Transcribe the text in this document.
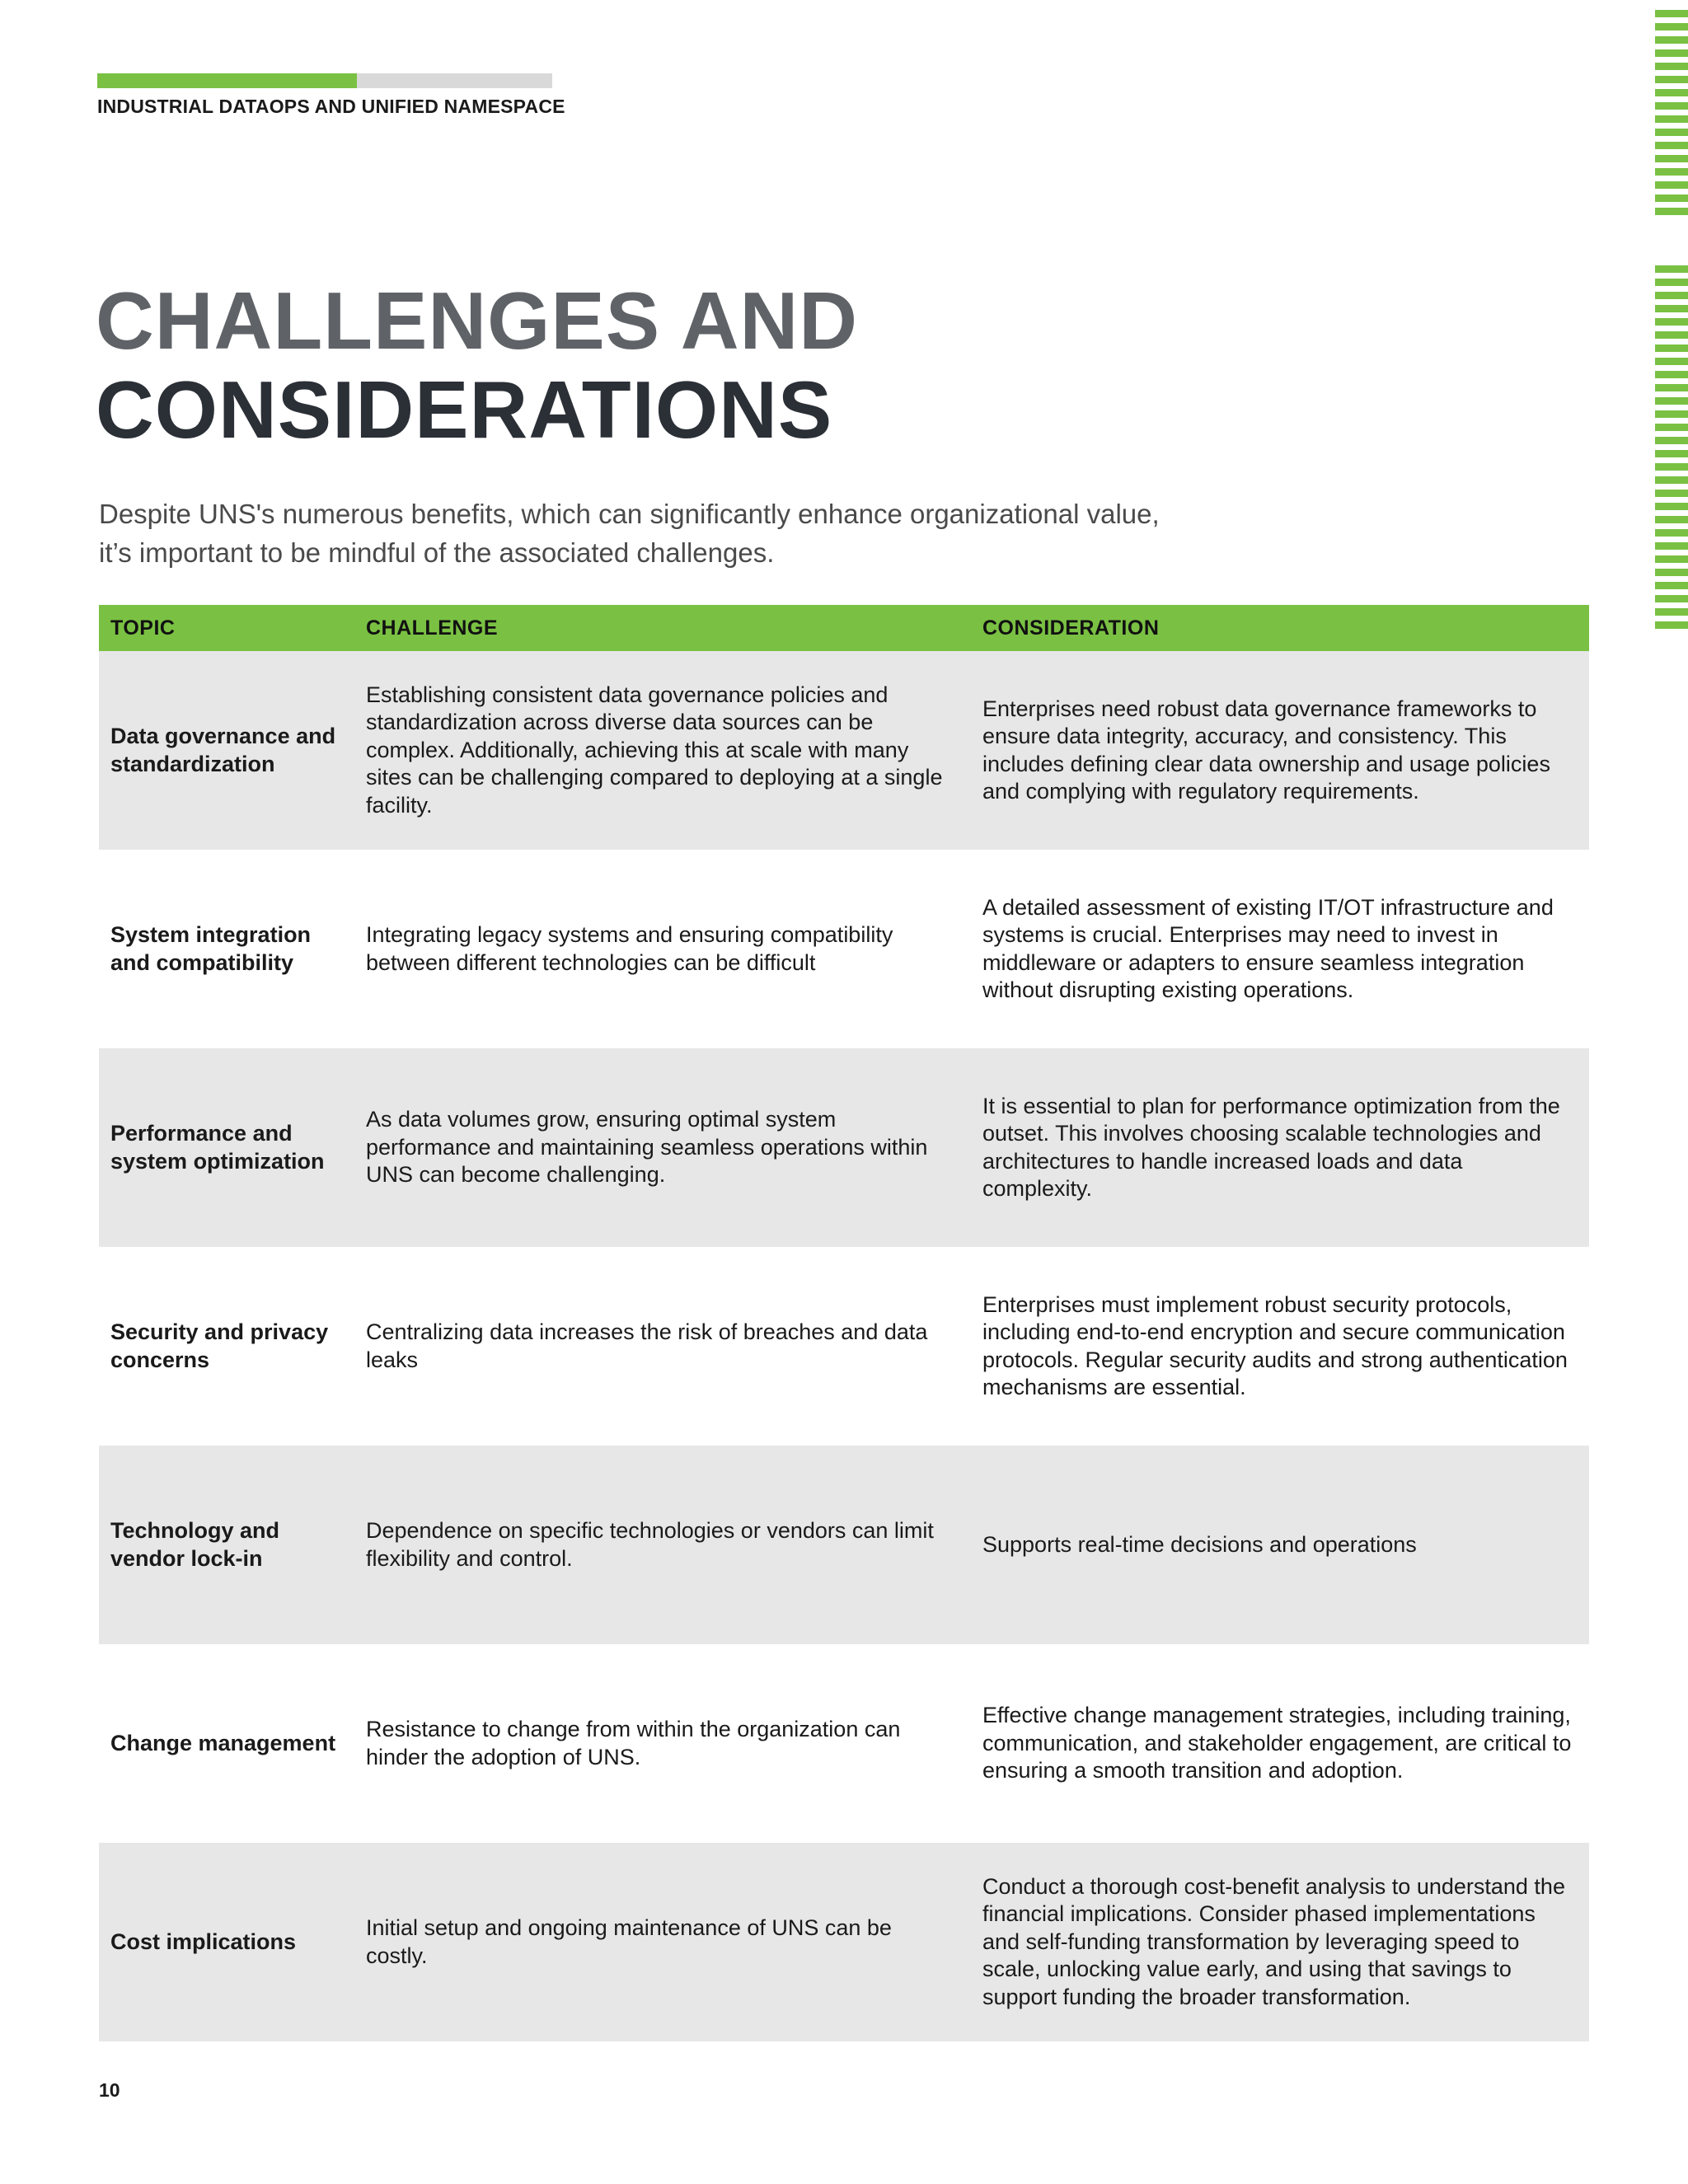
INDUSTRIAL DATAOPS AND UNIFIED NAMESPACE
CHALLENGES AND
CONSIDERATIONS

Despite UNS's numerous benefits, which can significantly enhance organizational value, it’s important to be mindful of the associated challenges.

TOPIC	CHALLENGE	CONSIDERATION
Data governance and standardization
Establishing consistent data governance policies and standardization across diverse data sources can be complex. Additionally, achieving this at scale with many sites can be challenging compared to deploying at a single facility.
Enterprises need robust data governance frameworks to ensure data integrity, accuracy, and consistency. This includes defining clear data ownership and usage policies and complying with regulatory requirements.
System integration and compatibility
Integrating legacy systems and ensuring compatibility between different technologies can be difficult
A detailed assessment of existing IT/OT infrastructure and systems is crucial. Enterprises may need to invest in middleware or adapters to ensure seamless integration without disrupting existing operations.
Performance and system optimization
As data volumes grow, ensuring optimal system performance and maintaining seamless operations within UNS can become challenging.
It is essential to plan for performance optimization from the outset. This involves choosing scalable technologies and architectures to handle increased loads and data complexity.
Security and privacy concerns
Centralizing data increases the risk of breaches and data leaks
Enterprises must implement robust security protocols, including end-to-end encryption and secure communication protocols. Regular security audits and strong authentication mechanisms are essential.
Technology and vendor lock-in
Dependence on specific technologies or vendors can limit flexibility and control.
Supports real-time decisions and operations
Change management
Resistance to change from within the organization can hinder the adoption of UNS.
Effective change management strategies, including training, communication, and stakeholder engagement, are critical to ensuring a smooth transition and adoption.
Cost implications
Initial setup and ongoing maintenance of UNS can be costly.
Conduct a thorough cost-benefit analysis to understand the financial implications. Consider phased implementations and self-funding transformation by leveraging speed to scale, unlocking value early, and using that savings to support funding the broader transformation.
10
